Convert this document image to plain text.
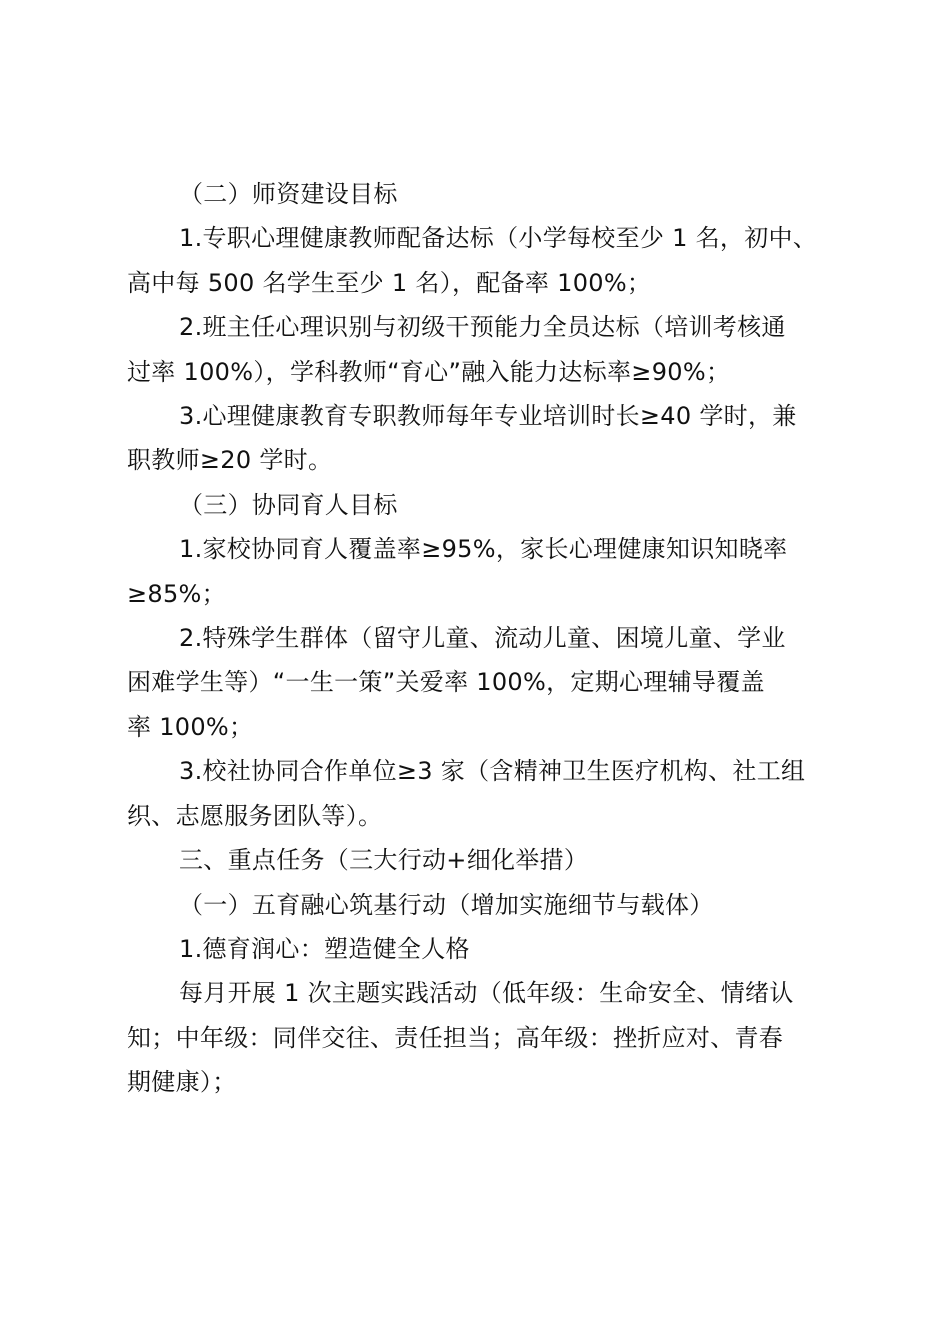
（二）师资建设目标
1.专职心理健康教师配备达标（小学每校至少 1 名，初中、
高中每 500 名学生至少 1 名），配备率 100%；
2.班主任心理识别与初级干预能力全员达标（培训考核通
过率 100%），学科教师“育心”融入能力达标率≥90%；
3.心理健康教育专职教师每年专业培训时长≥40 学时，兼
职教师≥20 学时。
（三）协同育人目标
1.家校协同育人覆盖率≥95%，家长心理健康知识知晓率
≥85%；
2.特殊学生群体（留守儿童、流动儿童、困境儿童、学业
困难学生等）“一生一策”关爱率 100%，定期心理辅导覆盖
率 100%；
3.校社协同合作单位≥3 家（含精神卫生医疗机构、社工组
织、志愿服务团队等）。
三、重点任务（三大行动+细化举措）
（一）五育融心筑基行动（增加实施细节与载体）
1.德育润心：塑造健全人格
每月开展 1 次主题实践活动（低年级：生命安全、情绪认
知；中年级：同伴交往、责任担当；高年级：挫折应对、青春
期健康）；
